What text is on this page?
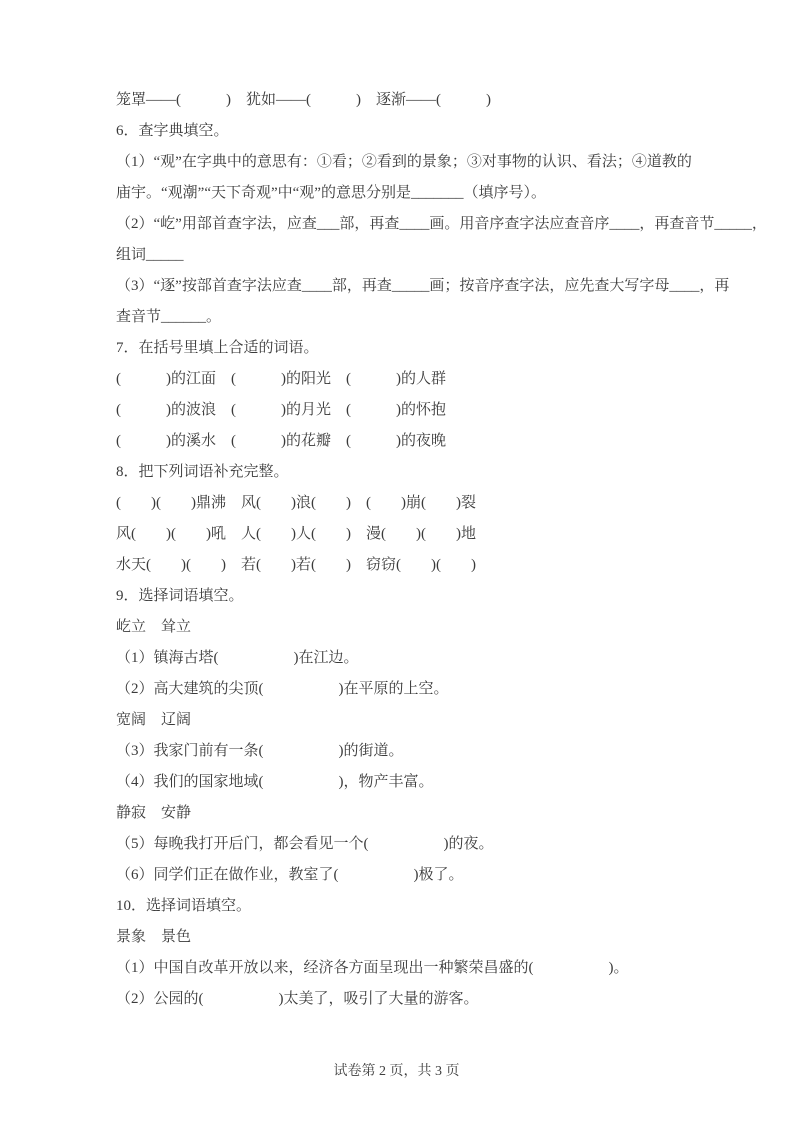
笼罩——(　　　)　犹如——(　　　)　逐渐——(　　　)
6．查字典填空。
（1）“观”在字典中的意思有：①看；②看到的景象；③对事物的认识、看法；④道教的
庙宇。“观潮”“天下奇观”中“观”的意思分别是_______（填序号）。
（2）“屹”用部首查字法，应查___部，再查____画。用音序查字法应查音序____，再查音节_____，
组词_____
（3）“逐”按部首查字法应查____部，再查_____画；按音序查字法，应先查大写字母____，再
查音节______。
7．在括号里填上合适的词语。
(　　　)的江面　(　　　)的阳光　(　　　)的人群
(　　　)的波浪　(　　　)的月光　(　　　)的怀抱
(　　　)的溪水　(　　　)的花瓣　(　　　)的夜晚
8．把下列词语补充完整。
(　　)(　　)鼎沸　风(　　)浪(　　)　(　　)崩(　　)裂
风(　　)(　　)吼　人(　　)人(　　)　漫(　　)(　　)地
水天(　　)(　　)　若(　　)若(　　)　窃窃(　　)(　　)
9．选择词语填空。
屹立　耸立
（1）镇海古塔(　　　　　)在江边。
（2）高大建筑的尖顶(　　　　　)在平原的上空。
宽阔　辽阔
（3）我家门前有一条(　　　　　)的街道。
（4）我们的国家地域(　　　　　)，物产丰富。
静寂　安静
（5）每晚我打开后门，都会看见一个(　　　　　)的夜。
（6）同学们正在做作业，教室了(　　　　　)极了。
10．选择词语填空。
景象　景色
（1）中国自改革开放以来，经济各方面呈现出一种繁荣昌盛的(　　　　　)。
（2）公园的(　　　　　)太美了，吸引了大量的游客。
试卷第 2 页，共 3 页
